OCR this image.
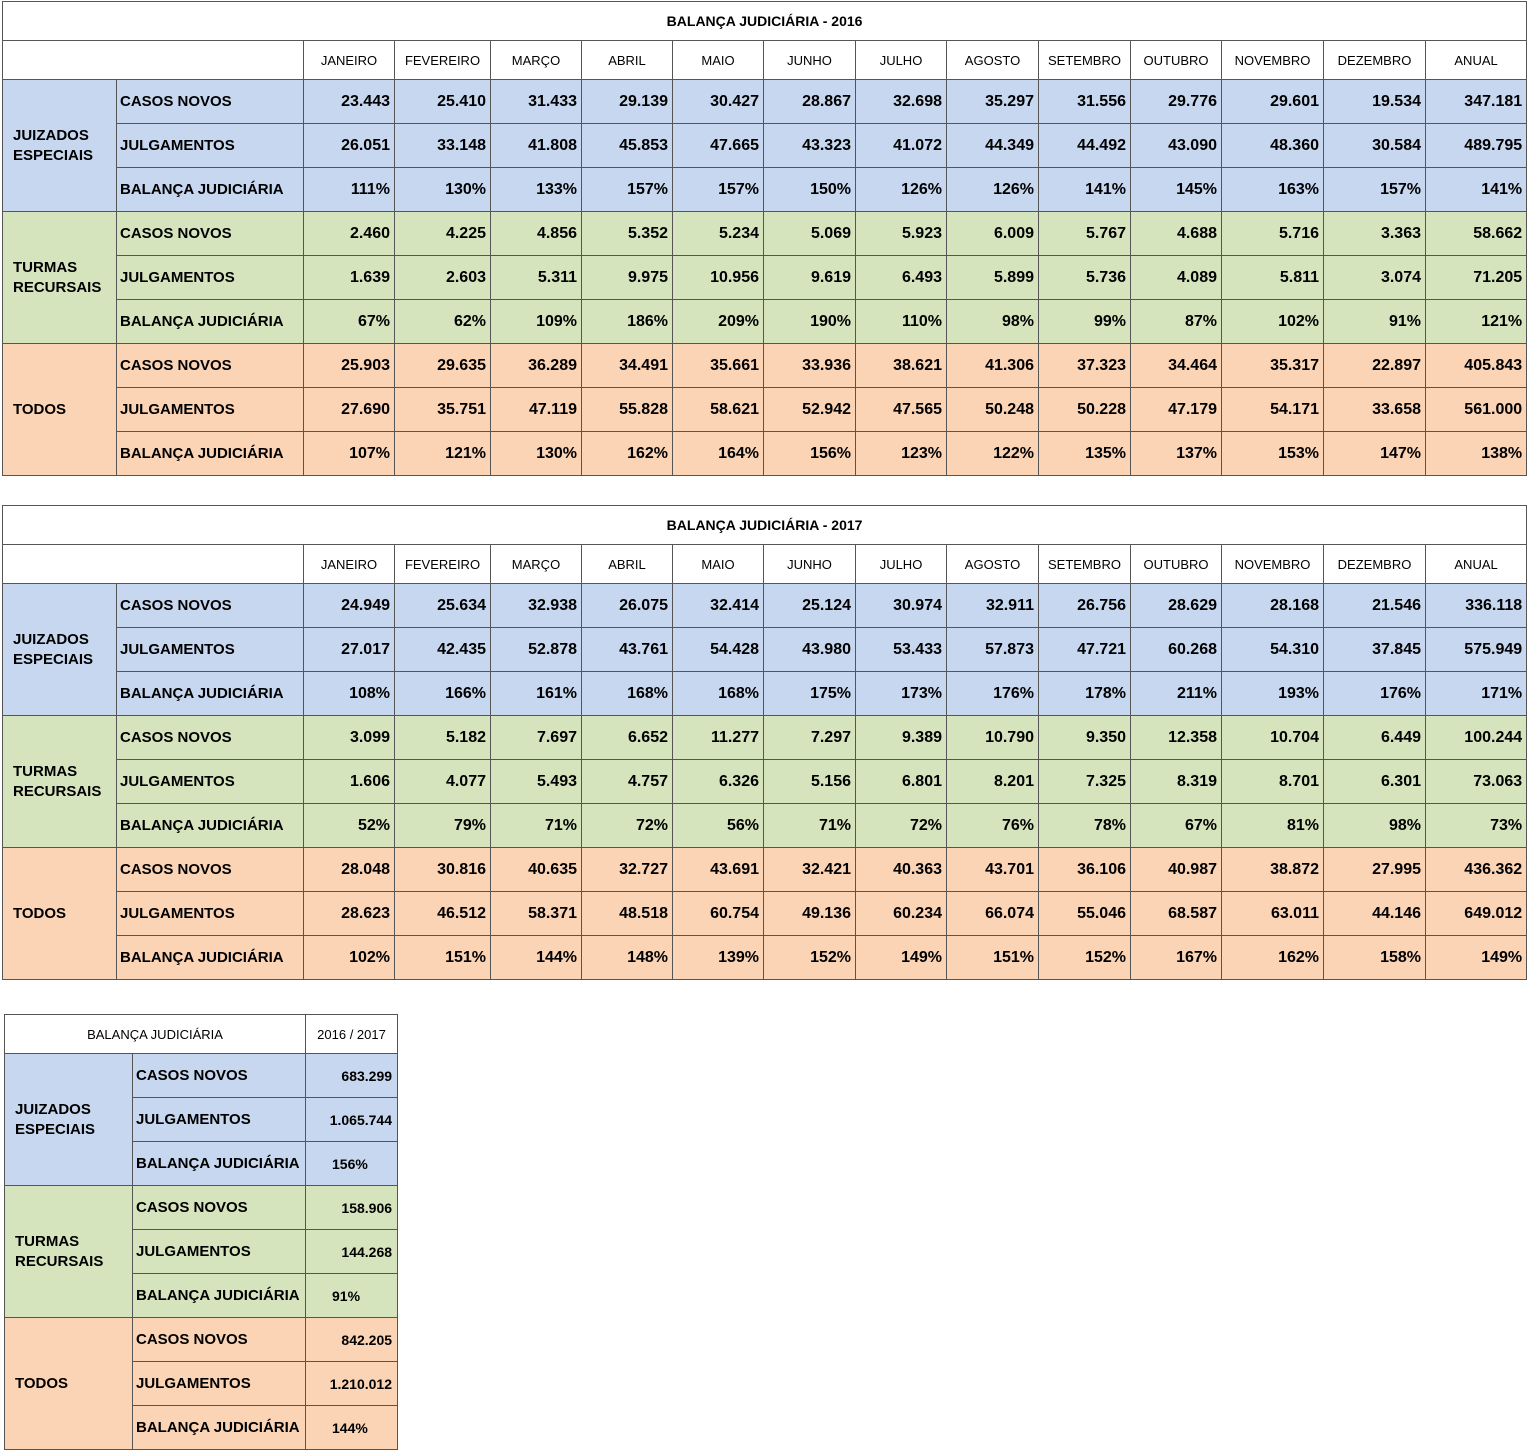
BALANÇA JUDICIÁRIA - 2016														
		JANEIRO	FEVEREIRO	MARÇO	ABRIL	MAIO	JUNHO	JULHO	AGOSTO	SETEMBRO	OUTUBRO	NOVEMBRO	DEZEMBRO	ANUAL
JUIZADOS ESPECIAIS	CASOS NOVOS	23.443	25.410	31.433	29.139	30.427	28.867	32.698	35.297	31.556	29.776	29.601	19.534	347.181
	JULGAMENTOS	26.051	33.148	41.808	45.853	47.665	43.323	41.072	44.349	44.492	43.090	48.360	30.584	489.795
	BALANÇA JUDICIÁRIA	111%	130%	133%	157%	157%	150%	126%	126%	141%	145%	163%	157%	141%
TURMAS RECURSAIS	CASOS NOVOS	2.460	4.225	4.856	5.352	5.234	5.069	5.923	6.009	5.767	4.688	5.716	3.363	58.662
	JULGAMENTOS	1.639	2.603	5.311	9.975	10.956	9.619	6.493	5.899	5.736	4.089	5.811	3.074	71.205
	BALANÇA JUDICIÁRIA	67%	62%	109%	186%	209%	190%	110%	98%	99%	87%	102%	91%	121%
TODOS	CASOS NOVOS	25.903	29.635	36.289	34.491	35.661	33.936	38.621	41.306	37.323	34.464	35.317	22.897	405.843
	JULGAMENTOS	27.690	35.751	47.119	55.828	58.621	52.942	47.565	50.248	50.228	47.179	54.171	33.658	561.000
	BALANÇA JUDICIÁRIA	107%	121%	130%	162%	164%	156%	123%	122%	135%	137%	153%	147%	138%
BALANÇA JUDICIÁRIA - 2017														
		JANEIRO	FEVEREIRO	MARÇO	ABRIL	MAIO	JUNHO	JULHO	AGOSTO	SETEMBRO	OUTUBRO	NOVEMBRO	DEZEMBRO	ANUAL
JUIZADOS ESPECIAIS	CASOS NOVOS	24.949	25.634	32.938	26.075	32.414	25.124	30.974	32.911	26.756	28.629	28.168	21.546	336.118
	JULGAMENTOS	27.017	42.435	52.878	43.761	54.428	43.980	53.433	57.873	47.721	60.268	54.310	37.845	575.949
	BALANÇA JUDICIÁRIA	108%	166%	161%	168%	168%	175%	173%	176%	178%	211%	193%	176%	171%
TURMAS RECURSAIS	CASOS NOVOS	3.099	5.182	7.697	6.652	11.277	7.297	9.389	10.790	9.350	12.358	10.704	6.449	100.244
	JULGAMENTOS	1.606	4.077	5.493	4.757	6.326	5.156	6.801	8.201	7.325	8.319	8.701	6.301	73.063
	BALANÇA JUDICIÁRIA	52%	79%	71%	72%	56%	71%	72%	76%	78%	67%	81%	98%	73%
TODOS	CASOS NOVOS	28.048	30.816	40.635	32.727	43.691	32.421	40.363	43.701	36.106	40.987	38.872	27.995	436.362
	JULGAMENTOS	28.623	46.512	58.371	48.518	60.754	49.136	60.234	66.074	55.046	68.587	63.011	44.146	649.012
	BALANÇA JUDICIÁRIA	102%	151%	144%	148%	139%	152%	149%	151%	152%	167%	162%	158%	149%
BALANÇA JUDICIÁRIA		2016 / 2017
JUIZADOS ESPECIAIS	CASOS NOVOS	683.299
	JULGAMENTOS	1.065.744
	BALANÇA JUDICIÁRIA	156%
TURMAS RECURSAIS	CASOS NOVOS	158.906
	JULGAMENTOS	144.268
	BALANÇA JUDICIÁRIA	91%
TODOS	CASOS NOVOS	842.205
	JULGAMENTOS	1.210.012
	BALANÇA JUDICIÁRIA	144%
